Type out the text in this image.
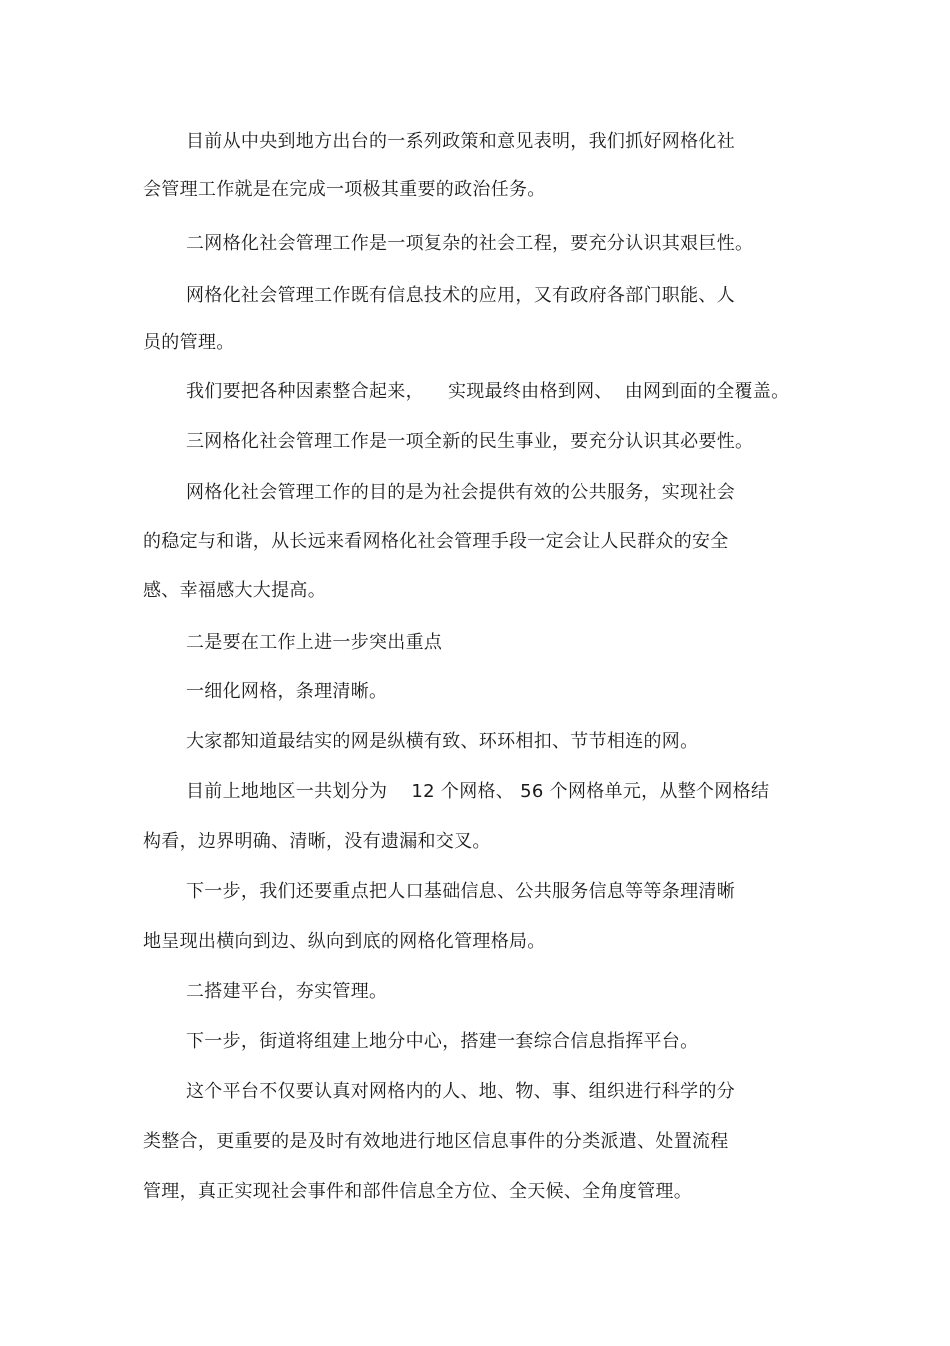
目前从中央到地方出台的一系列政策和意见表明，我们抓好网格化社
会管理工作就是在完成一项极其重要的政治任务。
二网格化社会管理工作是一项复杂的社会工程，要充分认识其艰巨性。
网格化社会管理工作既有信息技术的应用，又有政府各部门职能、人
员的管理。
我们要把各种因素整合起来，    实现最终由格到网、  由网到面的全覆盖。
三网格化社会管理工作是一项全新的民生事业，要充分认识其必要性。
网格化社会管理工作的目的是为社会提供有效的公共服务，实现社会
的稳定与和谐，从长远来看网格化社会管理手段一定会让人民群众的安全
感、幸福感大大提高。
二是要在工作上进一步突出重点
一细化网格，条理清晰。
大家都知道最结实的网是纵横有致、环环相扣、节节相连的网。
目前上地地区一共划分为    12 个网格、 56 个网格单元，从整个网格结
构看，边界明确、清晰，没有遗漏和交叉。
下一步，我们还要重点把人口基础信息、公共服务信息等等条理清晰
地呈现出横向到边、纵向到底的网格化管理格局。
二搭建平台，夯实管理。
下一步，街道将组建上地分中心，搭建一套综合信息指挥平台。
这个平台不仅要认真对网格内的人、地、物、事、组织进行科学的分
类整合，更重要的是及时有效地进行地区信息事件的分类派遣、处置流程
管理，真正实现社会事件和部件信息全方位、全天候、全角度管理。
